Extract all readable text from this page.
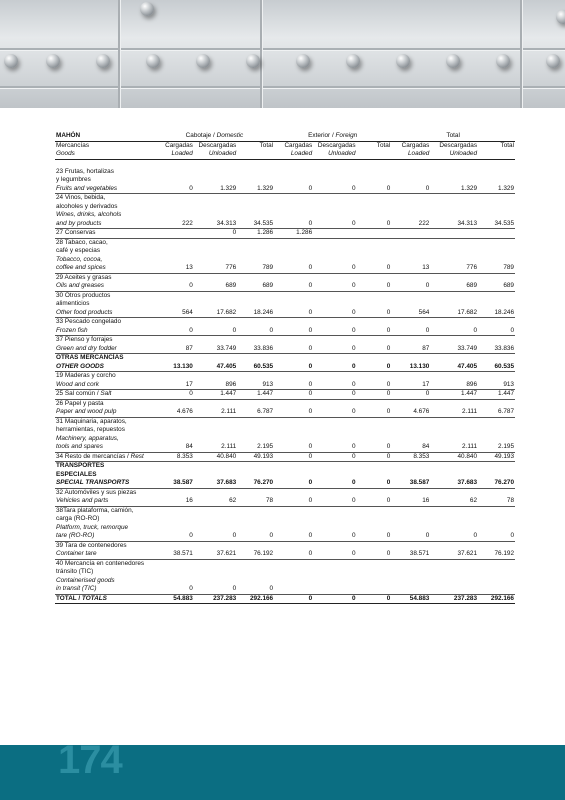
MAHÓN	Cabotaje / Domestic			Exterior / Foreign			Total		
Mercancías	Cargadas	Descargadas	Total	Cargadas	Descargadas	Total	Cargadas	Descargadas	Total
Goods	Loaded	Unloaded		Loaded	Unloaded		Loaded	Unloaded	

23 Frutas, hortalizas									
y legumbres									
Fruits and vegetables	0	1.329	1.329	0	0	0	0	1.329	1.329
24 Vinos, bebida,									
alcoholes y derivados									
Wines, drinks, alcohols									
and by products	222	34.313	34.535	0	0	0	222	34.313	34.535
27 Conservas		0	1.286	1.286					
28 Tabaco, cacao,									
café y especias									
Tobacco, cocoa,									
coffee and spices	13	776	789	0	0	0	13	776	789
29 Aceites y grasas									
Oils and greases	0	689	689	0	0	0	0	689	689
30 Otros productos									
alimenticios									
Other food products	564	17.682	18.246	0	0	0	564	17.682	18.246
33 Pescado congelado									
Frozen fish	0	0	0	0	0	0	0	0	0
37 Pienso y forrajes									
Green and dry fodder	87	33.749	33.836	0	0	0	87	33.749	33.836
OTRAS MERCANCÍAS									
OTHER GOODS	13.130	47.405	60.535	0	0	0	13.130	47.405	60.535
19 Maderas y corcho									
Wood and cork	17	896	913	0	0	0	17	896	913
25 Sal común / Salt	0	1.447	1.447	0	0	0	0	1.447	1.447
26 Papel y pasta									
Paper and wood pulp	4.676	2.111	6.787	0	0	0	4.676	2.111	6.787
31 Maquinaria, aparatos,									
herramientas, repuestos									
Machinery, apparatus,									
tools and spares	84	2.111	2.195	0	0	0	84	2.111	2.195
34 Resto de mercancías / Rest	8.353	40.840	49.193	0	0	0	8.353	40.840	49.193
TRANSPORTES									
ESPECIALES									
SPECIAL TRANSPORTS	38.587	37.683	76.270	0	0	0	38.587	37.683	76.270
32 Automóviles y sus piezas									
Vehicles and parts	16	62	78	0	0	0	16	62	78
38Tara plataforma, camión,									
carga (RO-RO)									
Platform, truck, remorque									
tare (RO-RO)	0	0	0	0	0	0	0	0	0
39 Tara de contenedores									
Container tare	38.571	37.621	76.192	0	0	0	38.571	37.621	76.192
40 Mercancía en contenedores									
tránsito (TIC)									
Containerised goods									
in transit (TIC)	0	0	0						
TOTAL / TOTALS	54.883	237.283	292.166	0	0	0	54.883	237.283	292.166
174
